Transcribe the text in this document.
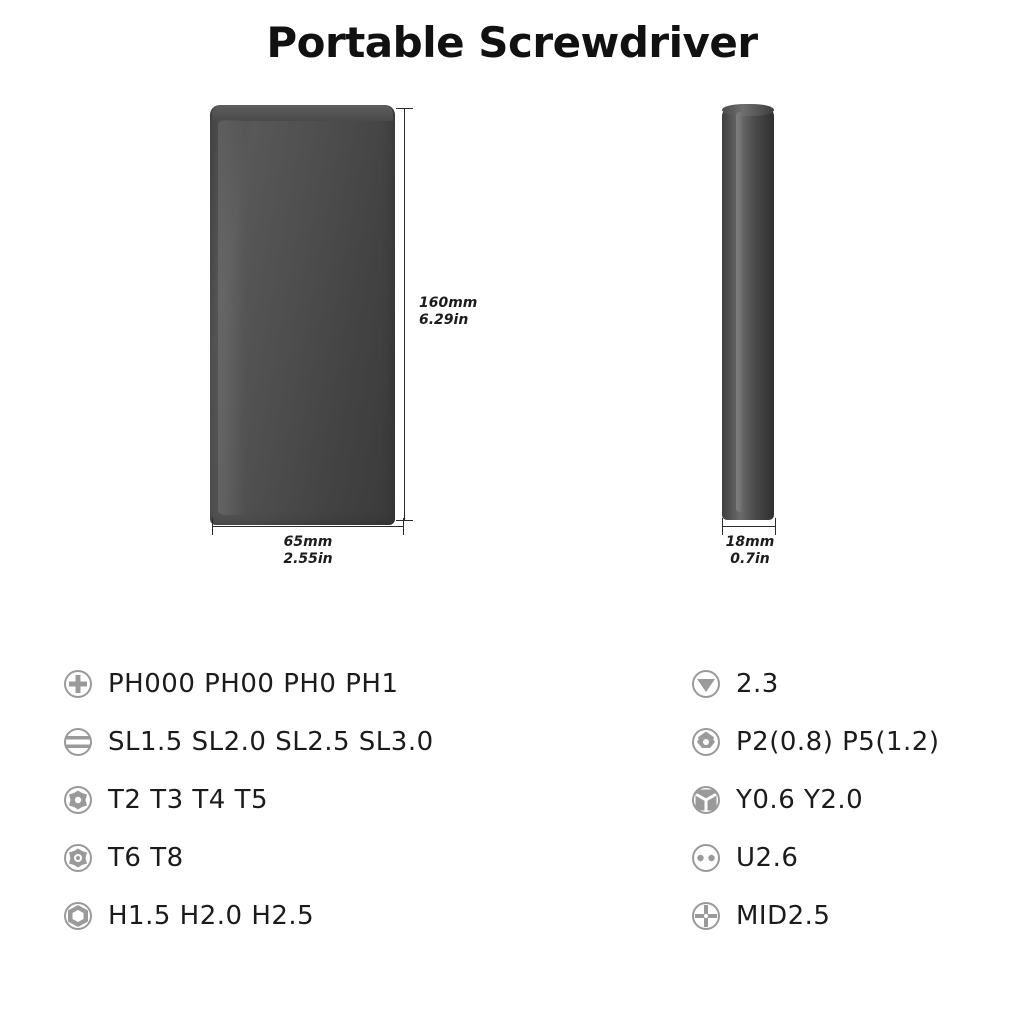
Portable Screwdriver
160mm
6.29in
65mm
2.55in
18mm
0.7in
PH000 PH00 PH0 PH1
SL1.5 SL2.0 SL2.5 SL3.0
T2 T3 T4 T5
T6 T8
H1.5 H2.0 H2.5
2.3
P2(0.8) P5(1.2)
Y0.6 Y2.0
U2.6
MID2.5
